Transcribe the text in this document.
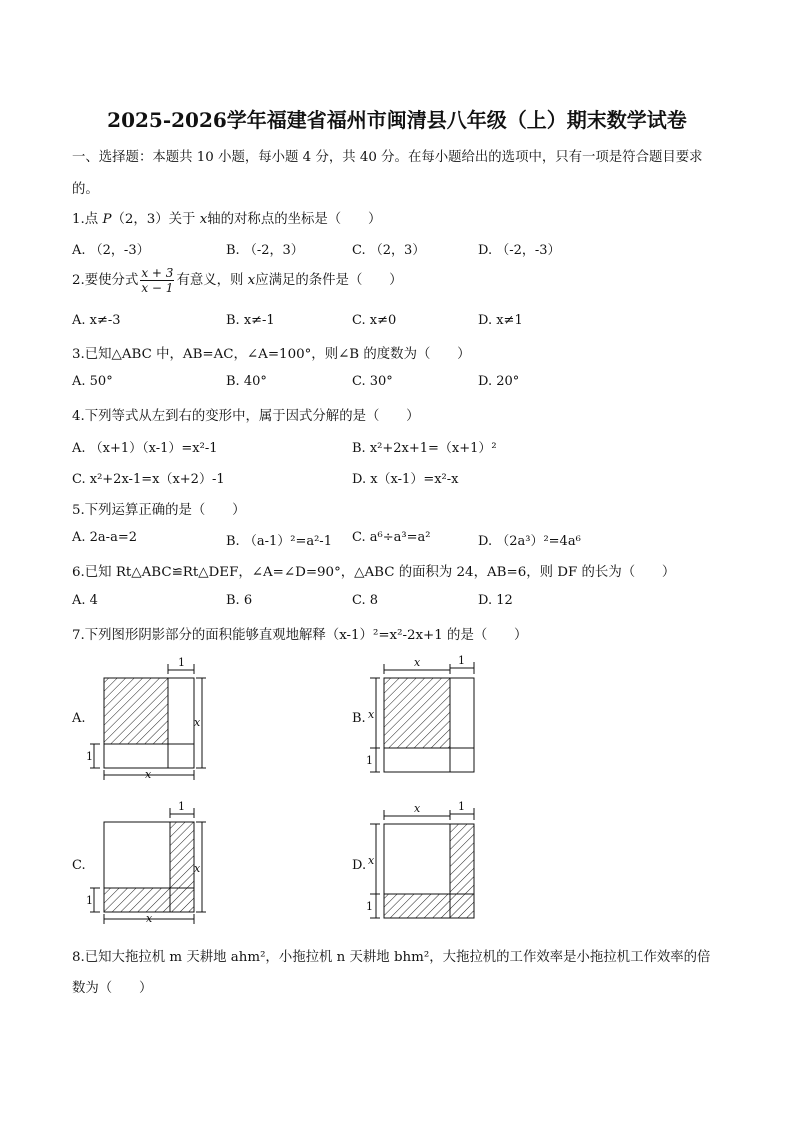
2025-2026学年福建省福州市闽清县八年级（上）期末数学试卷
一、选择题：本题共 10 小题，每小题 4 分，共 40 分。在每小题给出的选项中，只有一项是符合题目要求
的。
1.点 P（2，3）关于 x轴的对称点的坐标是（　　）
A. （2，-3）	B. （-2，3）	C. （2，3）	D. （-2，-3）
2.要使分式 $\frac{x + 3}{x - 1}$ 有意义，则 x应满足的条件是（　　）
A. x≠-3	B. x≠-1	C. x≠0	D. x≠1
3.已知△ABC 中，AB=AC，∠A=100°，则∠B 的度数为（　　）
A. 50°	B. 40°	C. 30°	D. 20°
4.下列等式从左到右的变形中，属于因式分解的是（　　）
A. （x+1）（x-1）=x²-1	B. x²+2x+1=（x+1）²
C. x²+2x-1=x（x+2）-1	D. x（x-1）=x²-x
5.下列运算正确的是（　　）
A. 2a-a=2	B. （a-1）²=a²-1 C. a⁶÷a³=a²	D. （2a³）²=4a⁶
6.已知 Rt△ABC≌Rt△DEF，∠A=∠D=90°，△ABC 的面积为 24，AB=6，则 DF 的长为（　　）
A. 4	B. 6	C. 8	D. 12
7.下列图形阴影部分的面积能够直观地解释（x-1）²=x²-2x+1 的是（　　）
A.
1
x
1
x
B.
x	1
x
1
C.
1
x
1
x
D.
x	1
x
1
8.已知大拖拉机 m 天耕地 ahm²，小拖拉机 n 天耕地 bhm²，大拖拉机的工作效率是小拖拉机工作效率的倍
数为（　　）
